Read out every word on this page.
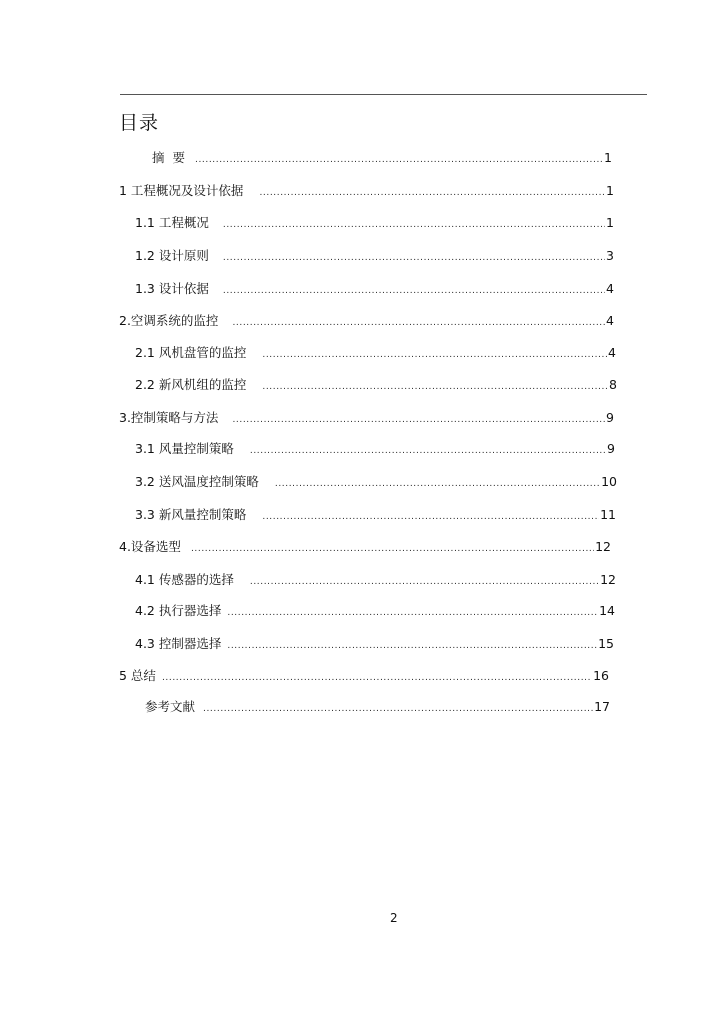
目录
摘 要 .....	1
1 工程概况及设计依据 .....	1
1.1 工程概况 .....	1
1.2 设计原则 .....	3
1.3 设计依据 .....	4
2.空调系统的监控 .....	4
2.1 风机盘管的监控 .....	4
2.2 新风机组的监控 .....	8
3.控制策略与方法 .....	9
3.1 风量控制策略 .....	9
3.2 送风温度控制策略 .....	10
3.3 新风量控制策略 .....	11
4.设备选型 .....	12
4.1 传感器的选择 .....	12
4.2 执行器选择 .....	14
4.3 控制器选择 .....	15
5 总结 .....	16
参考文献 .....	17
2
